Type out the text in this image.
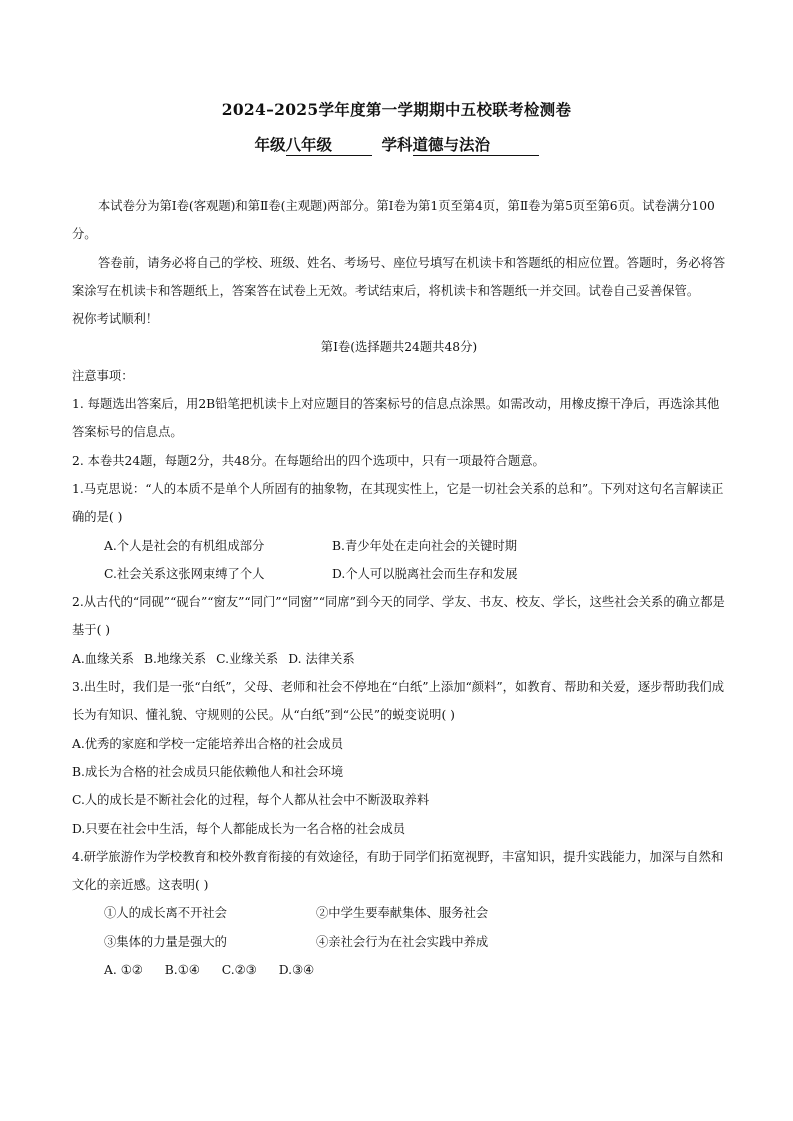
2024–2025学年度第一学期期中五校联考检测卷
年级八年级	学科道德与法治

本试卷分为第Ⅰ卷(客观题)和第Ⅱ卷(主观题)两部分。第Ⅰ卷为第1页至第4页，第Ⅱ卷为第5页至第6页。试卷满分100分。

答卷前，请务必将自己的学校、班级、姓名、考场号、座位号填写在机读卡和答题纸的相应位置。答题时，务必将答案涂写在机读卡和答题纸上，答案答在试卷上无效。考试结束后，将机读卡和答题纸一并交回。试卷自己妥善保管。

祝你考试顺利！

第Ⅰ卷(选择题共24题共48分)

注意事项：

1. 每题选出答案后，用2B铅笔把机读卡上对应题目的答案标号的信息点涂黑。如需改动，用橡皮擦干净后，再选涂其他答案标号的信息点。

2. 本卷共24题，每题2分，共48分。在每题给出的四个选项中，只有一项最符合题意。

1.马克思说：“人的本质不是单个人所固有的抽象物，在其现实性上，它是一切社会关系的总和”。下列对这句名言解读正确的是( )

A.个人是社会的有机组成部分	B.青少年处在走向社会的关键时期
C.社会关系这张网束缚了个人	D.个人可以脱离社会而生存和发展

2.从古代的“同砚”“砚台”“窗友”“同门”“同窗”“同席”到今天的同学、学友、书友、校友、学长，这些社会关系的确立都是基于( )

A.血缘关系 B.地缘关系 C.业缘关系 D. 法律关系

3.出生时，我们是一张“白纸”，父母、老师和社会不停地在“白纸”上添加“颜料”，如教育、帮助和关爱，逐步帮助我们成长为有知识、懂礼貌、守规则的公民。从“白纸”到“公民”的蜕变说明( )

A.优秀的家庭和学校一定能培养出合格的社会成员

B.成长为合格的社会成员只能依赖他人和社会环境

C.人的成长是不断社会化的过程，每个人都从社会中不断汲取养料

D.只要在社会中生活，每个人都能成长为一名合格的社会成员

4.研学旅游作为学校教育和校外教育衔接的有效途径，有助于同学们拓宽视野，丰富知识，提升实践能力，加深与自然和文化的亲近感。这表明( )

①人的成长离不开社会	②中学生要奉献集体、服务社会
③集体的力量是强大的	④亲社会行为在社会实践中养成
A. ①② B.①④ C.②③ D.③④
